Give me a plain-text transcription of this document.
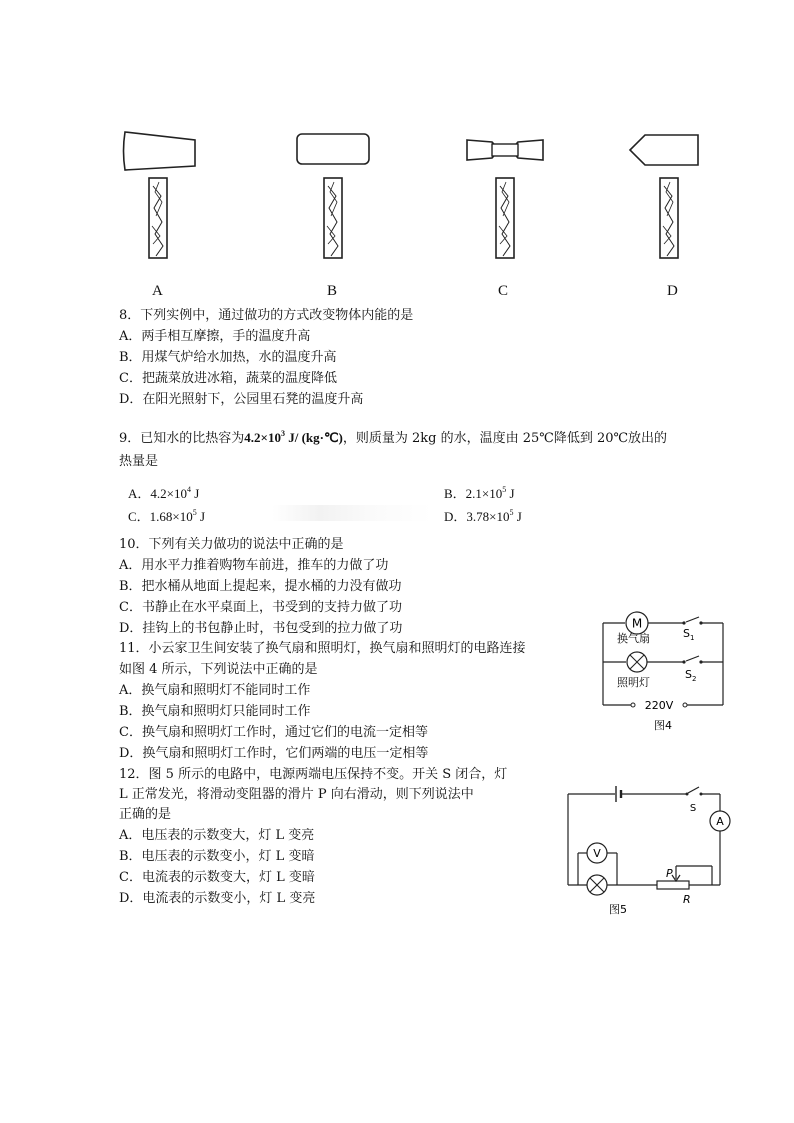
A	B	C	D
8．下列实例中，通过做功的方式改变物体内能的是
A．两手相互摩擦，手的温度升高
B．用煤气炉给水加热，水的温度升高
C．把蔬菜放进冰箱，蔬菜的温度降低
D．在阳光照射下，公园里石凳的温度升高
9．已知水的比热容为$4.2\times 10^3$ J/ (kg·℃)，则质量为 2kg 的水，温度由 25℃降低到 20℃放出的
热量是
A．$4.2\times 10^4$ J	B．$2.1\times 10^5$ J
C．$1.68\times 10^5$ J	D．$3.78\times 10^5$ J
10．下列有关力做功的说法中正确的是
A．用水平力推着购物车前进，推车的力做了功
B．把水桶从地面上提起来，提水桶的力没有做功
C．书静止在水平桌面上，书受到的支持力做了功
D．挂钩上的书包静止时，书包受到的拉力做了功
11．小云家卫生间安装了换气扇和照明灯，换气扇和照明灯的电路连接
如图 4 所示，下列说法中正确的是
A．换气扇和照明灯不能同时工作
B．换气扇和照明灯只能同时工作
C．换气扇和照明灯工作时，通过它们的电流一定相等
D．换气扇和照明灯工作时，它们两端的电压一定相等
M
换气扇	$S_1$
照明灯
$S_2$
220V
图4
12．图 5 所示的电路中，电源两端电压保持不变。开关 S 闭合，灯
L 正常发光，将滑动变阻器的滑片 P 向右滑动，则下列说法中
正确的是
A．电压表的示数变大，灯 L 变亮
B．电压表的示数变小，灯 L 变暗
C．电流表的示数变大，灯 L 变暗
D．电流表的示数变小，灯 L 变亮
S
A
P
R
V
图5
